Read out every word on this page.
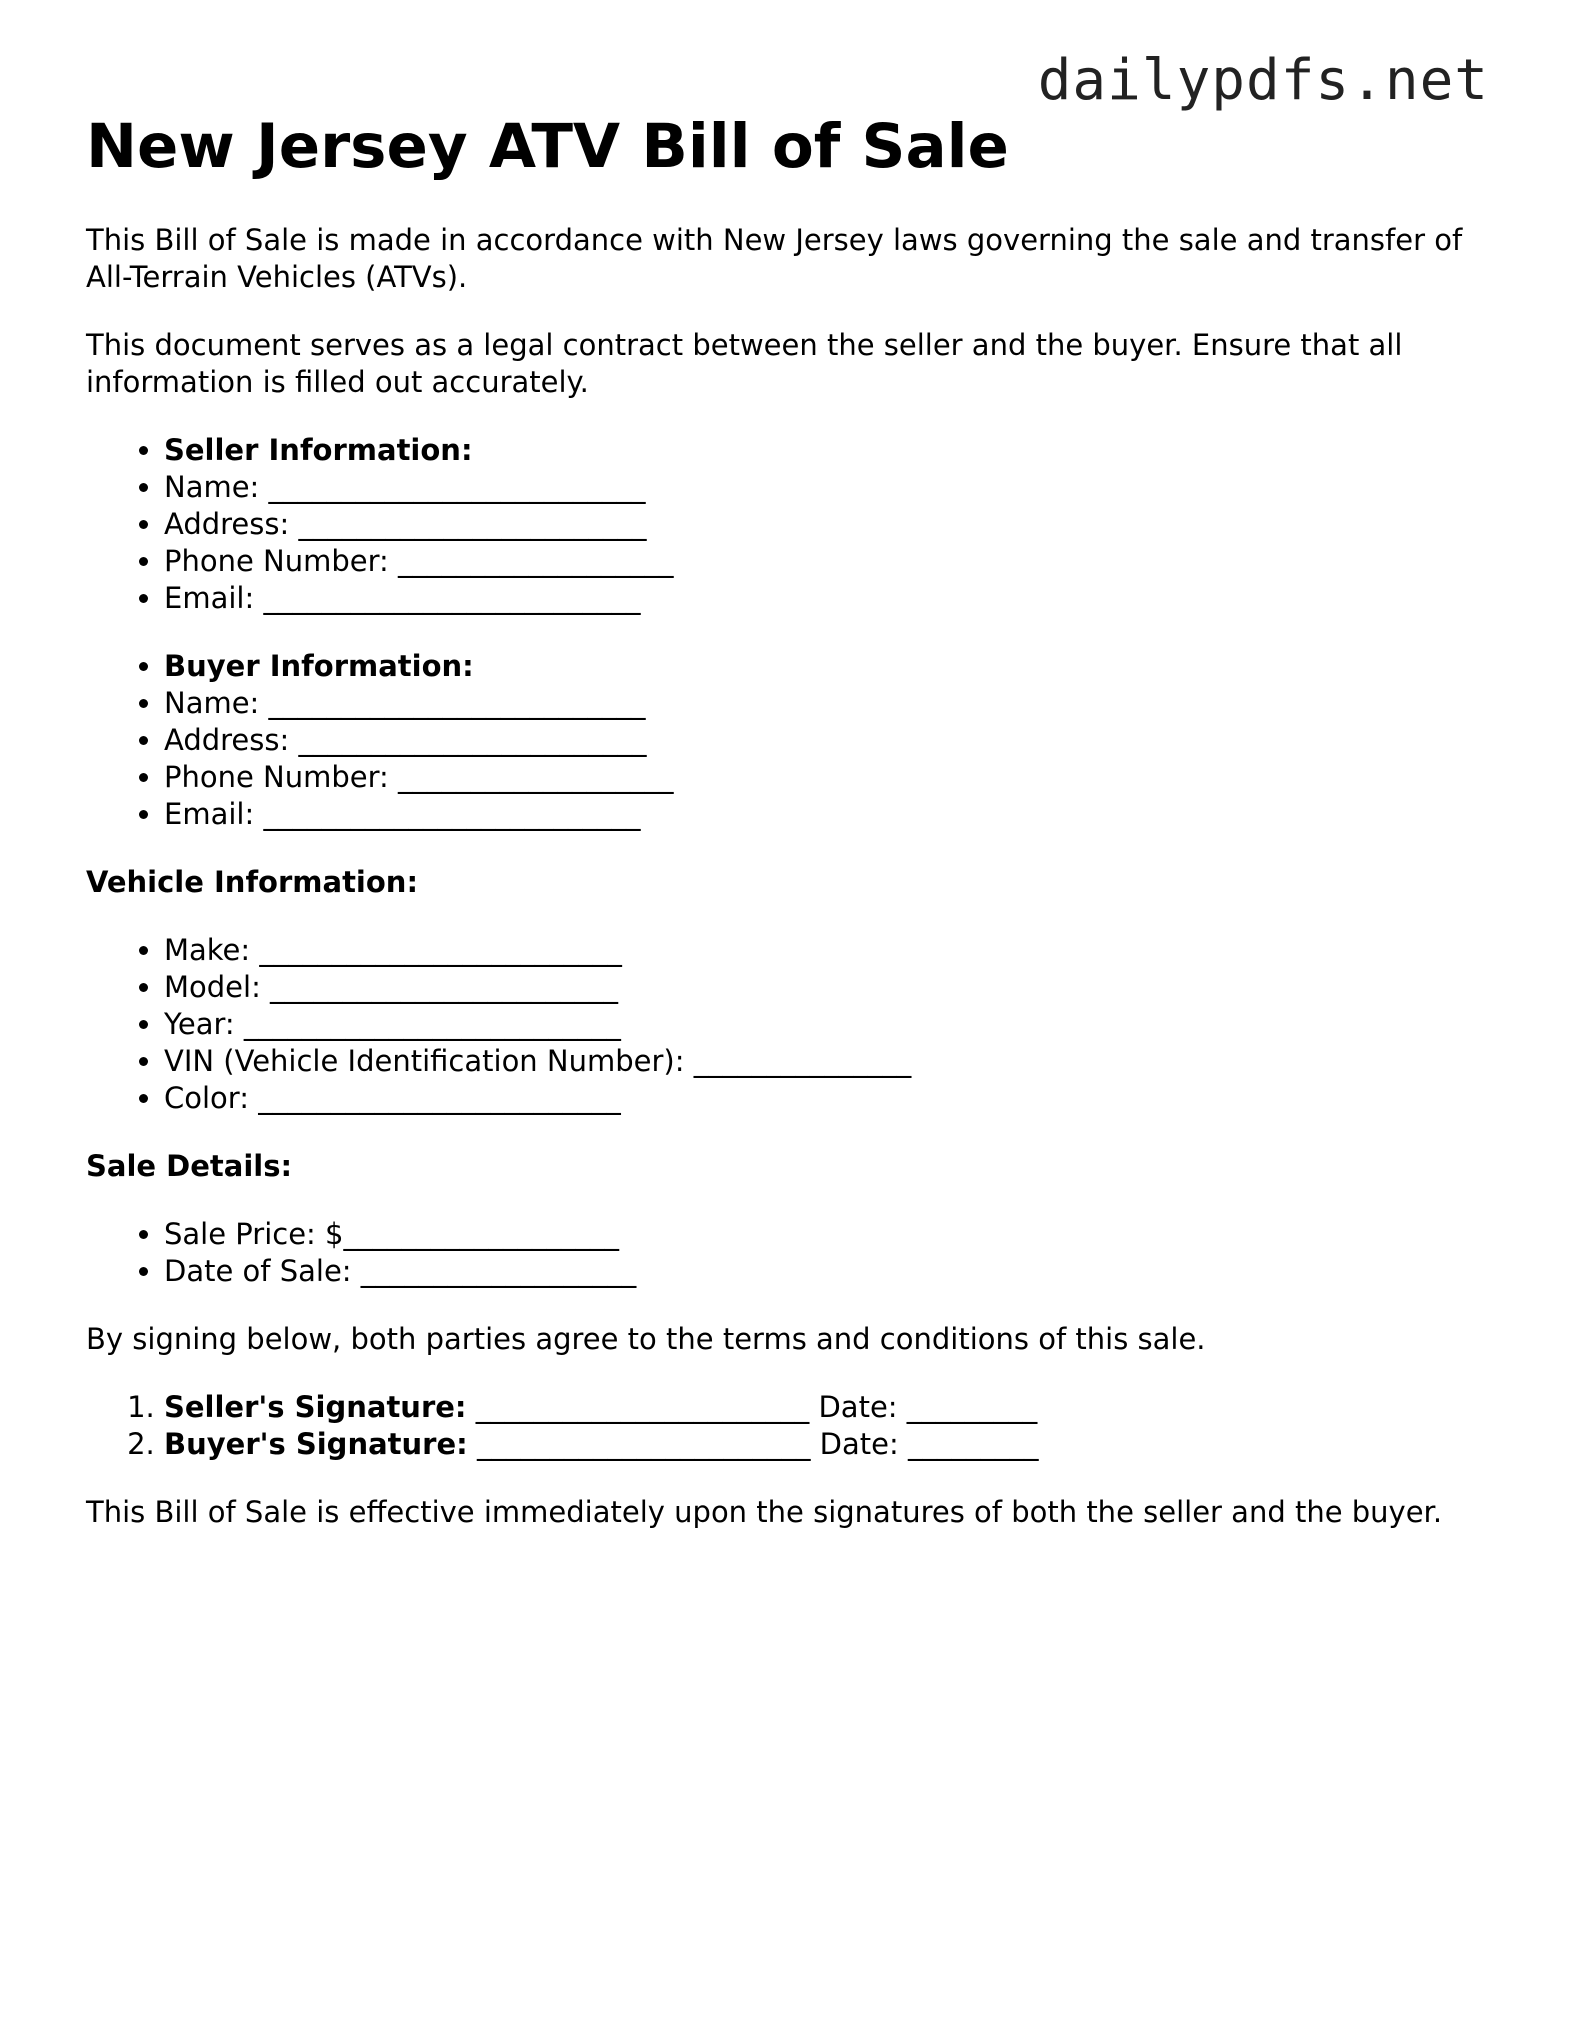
dailypdfs.net
New Jersey ATV Bill of Sale

This Bill of Sale is made in accordance with New Jersey laws governing the sale and transfer of All-Terrain Vehicles (ATVs).

This document serves as a legal contract between the seller and the buyer. Ensure that all information is filled out accurately.

• Seller Information:
• Name: __________________________
• Address: ________________________
• Phone Number: ___________________
• Email: __________________________
• Buyer Information:
• Name: __________________________
• Address: ________________________
• Phone Number: ___________________
• Email: __________________________
Vehicle Information:
• Make: _________________________
• Model: ________________________
• Year: __________________________
• VIN (Vehicle Identification Number): _______________
• Color: _________________________
Sale Details:
• Sale Price: $___________________
• Date of Sale: ___________________

By signing below, both parties agree to the terms and conditions of this sale.

1. Seller's Signature: _______________________ Date: _________
2. Buyer's Signature: _______________________ Date: _________

This Bill of Sale is effective immediately upon the signatures of both the seller and the buyer.
